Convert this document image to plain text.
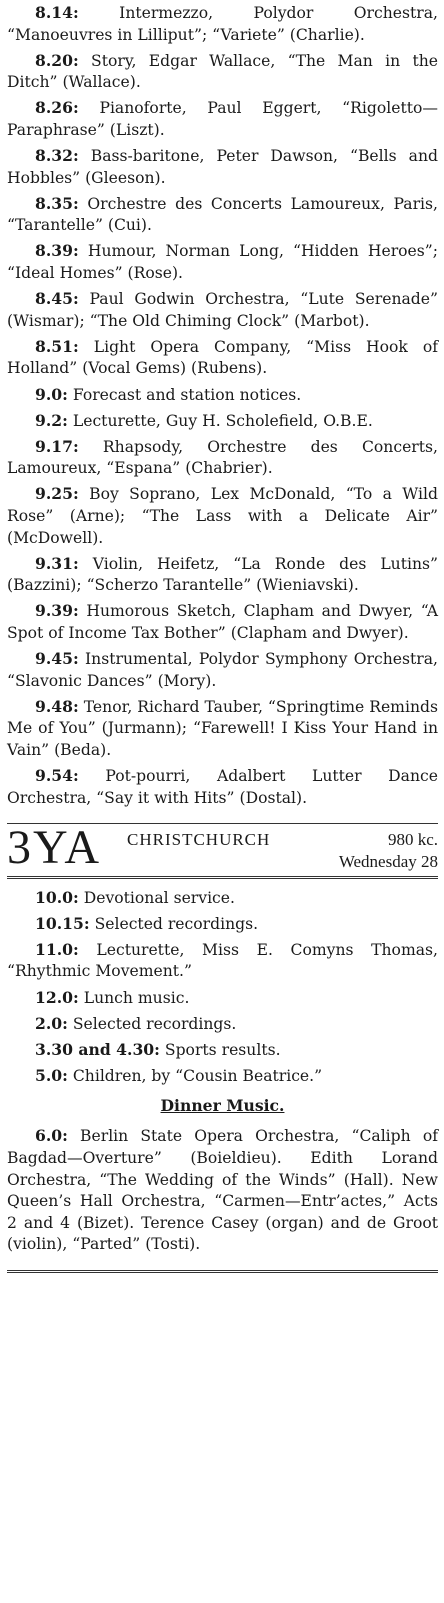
8.14:	Intermezzo, Polydor Orchestra, “Manoeuvres in Lilliput”; “Variete” (Charlie).

8.20: Story, Edgar Wallace, “The Man in the Ditch” (Wallace).

8.26: Pianoforte, Paul Eggert, “Rigoletto—Paraphrase” (Liszt).

8.32: Bass-baritone, Peter Dawson, “Bells and Hobbles” (Gleeson).

8.35: Orchestre des Concerts Lamoureux, Paris, “Tarantelle” (Cui).

8.39: Humour, Norman Long, “Hidden Heroes”; “Ideal Homes” (Rose).

8.45: Paul Godwin Orchestra, “Lute Serenade” (Wismar); “The Old Chiming Clock” (Marbot).

8.51: Light Opera Company, “Miss Hook of Holland” (Vocal Gems) (Rubens).

9.0: Forecast and station notices.

9.2: Lecturette, Guy H. Scholefield, O.B.E.

9.17: Rhapsody, Orchestre des Concerts, Lamoureux, “Espana” (Chabrier).

9.25: Boy Soprano, Lex McDonald, “To a Wild Rose” (Arne); “The Lass with a Delicate Air” (McDowell).

9.31: Violin, Heifetz, “La Ronde des Lutins” (Bazzini); “Scherzo Tarantelle” (Wieniavski).

9.39: Humorous Sketch, Clapham and Dwyer, “A Spot of Income Tax Bother” (Clapham and Dwyer).

9.45: Instrumental, Polydor Symphony Orchestra, “Slavonic Dances” (Mory).

9.48: Tenor, Richard Tauber, “Springtime Reminds Me of You” (Jurmann); “Farewell! I Kiss Your Hand in Vain” (Beda).

9.54: Pot-pourri, Adalbert Lutter Dance Orchestra, “Say it with Hits” (Dostal).

3YA CHRISTCHURCH	980 kc.
Wednesday 28

10.0: Devotional service.

10.15: Selected recordings.

11.0: Lecturette, Miss E. Comyns Thomas, “Rhythmic Movement.”

12.0: Lunch music.

2.0: Selected recordings.

3.30 and 4.30: Sports results.

5.0: Children, by “Cousin Beatrice.”

Dinner Music.

6.0: Berlin State Opera Orchestra, “Caliph of Bagdad—Overture” (Boieldieu). Edith Lorand Orchestra, “The Wedding of the Winds” (Hall). New Queen’s Hall Orchestra, “Carmen—Entr’actes,” Acts 2 and 4 (Bizet). Terence Casey (organ) and de Groot (violin), “Parted” (Tosti).
